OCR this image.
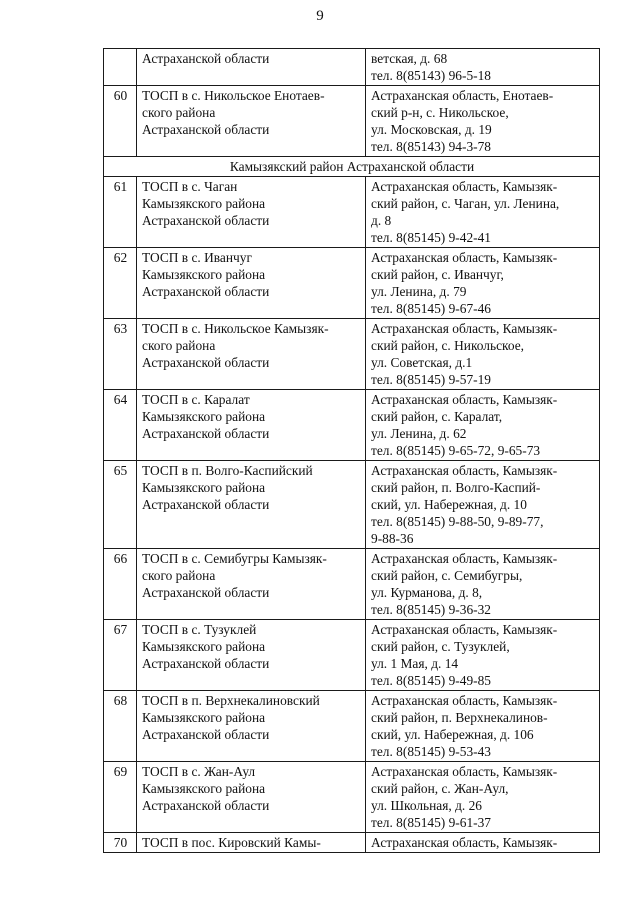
9

	Астраханской области	ветская, д. 68
тел. 8(85143) 96-5-18

60	ТОСП в с. Никольское Енотаев-
ского района
Астраханской области	Астраханская область, Енотаев-
ский р-н, с. Никольское,
ул. Московская, д. 19
тел. 8(85143) 94-3-78

Камызякский район Астраханской области		
61	ТОСП в с. Чаган
Камызякского района
Астраханской области	Астраханская область, Камызяк-
ский район, с. Чаган, ул. Ленина,
д. 8
тел. 8(85145) 9-42-41

62	ТОСП в с. Иванчуг
Камызякского района
Астраханской области	Астраханская область, Камызяк-
ский район, с. Иванчуг,
ул. Ленина, д. 79
тел. 8(85145) 9-67-46

63	ТОСП в с. Никольское Камызяк-
ского района
Астраханской области	Астраханская область, Камызяк-
ский район, с. Никольское,
ул. Советская, д.1
тел. 8(85145) 9-57-19

64	ТОСП в с. Каралат
Камызякского района
Астраханской области	Астраханская область, Камызяк-
ский район, с. Каралат,
ул. Ленина, д. 62
тел. 8(85145) 9-65-72, 9-65-73

65	ТОСП в п. Волго-Каспийский
Камызякского района
Астраханской области	Астраханская область, Камызяк-
ский район, п. Волго-Каспий-
ский, ул. Набережная, д. 10
тел. 8(85145) 9-88-50, 9-89-77,
9-88-36

66	ТОСП в с. Семибугры Камызяк-
ского района
Астраханской области	Астраханская область, Камызяк-
ский район, с. Семибугры,
ул. Курманова, д. 8,
тел. 8(85145) 9-36-32

67	ТОСП в с. Тузуклей
Камызякского района
Астраханской области	Астраханская область, Камызяк-
ский район, с. Тузуклей,
ул. 1 Мая, д. 14
тел. 8(85145) 9-49-85

68	ТОСП в п. Верхнекалиновский
Камызякского района
Астраханской области	Астраханская область, Камызяк-
ский район, п. Верхнекалинов-
ский, ул. Набережная, д. 106
тел. 8(85145) 9-53-43

69	ТОСП в с. Жан-Аул
Камызякского района
Астраханской области	Астраханская область, Камызяк-
ский район, с. Жан-Аул,
ул. Школьная, д. 26
тел. 8(85145) 9-61-37

70	ТОСП в пос. Кировский Камы-	Астраханская область, Камызяк-
